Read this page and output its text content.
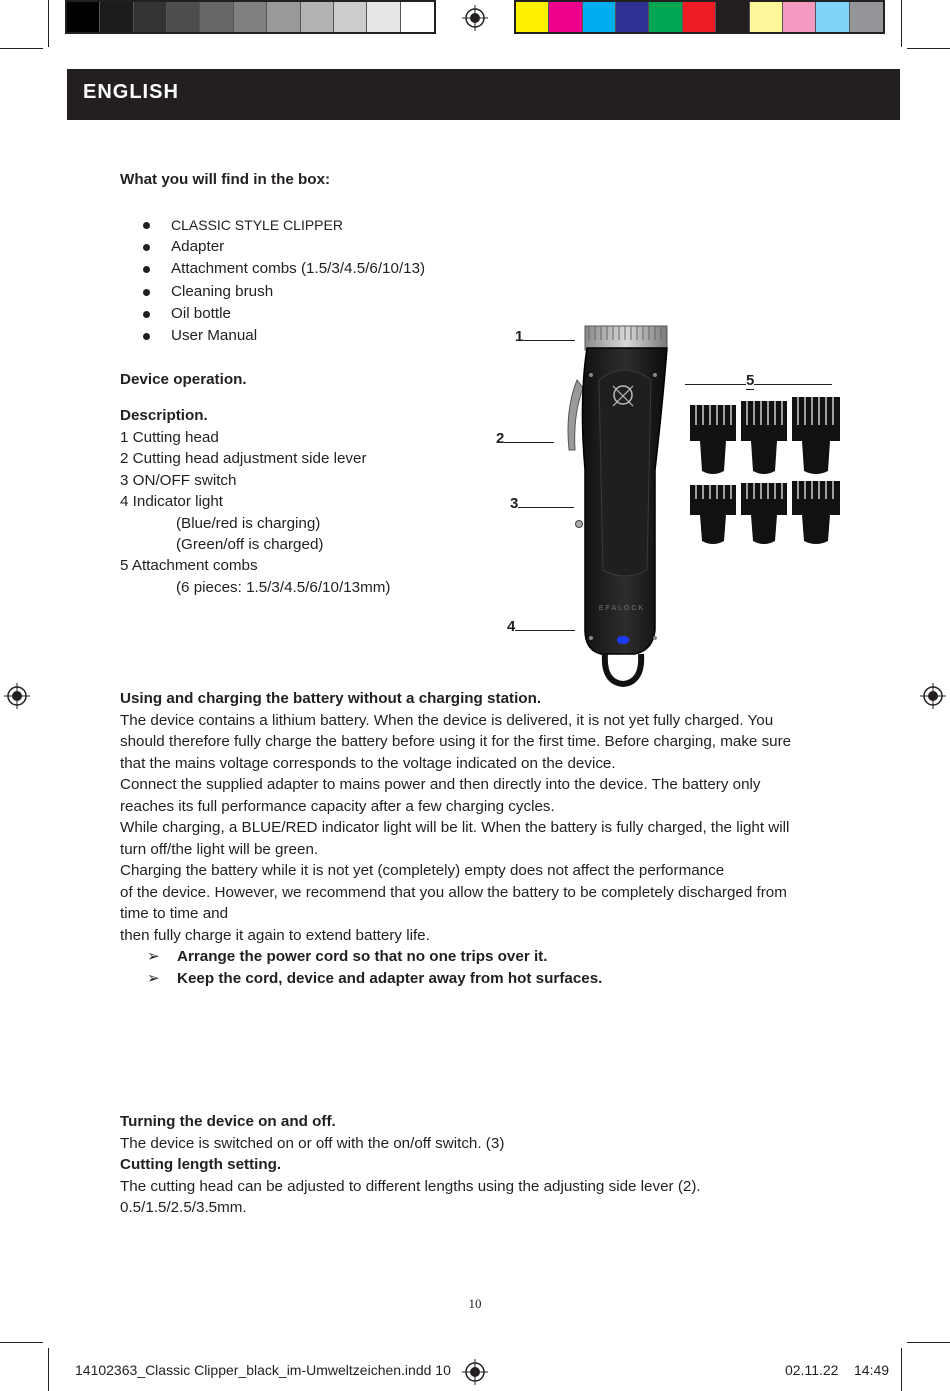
ENGLISH
What you will find in the box:
CLASSIC STYLE CLIPPER
Adapter
Attachment combs (1.5/3/4.5/6/10/13)
Cleaning brush
Oil bottle
User Manual
Device operation.
Description.
1 Cutting head
2 Cutting head adjustment side lever
3 ON/OFF switch
4 Indicator light
(Blue/red is charging)
(Green/off is charged)
5 Attachment combs
(6 pieces: 1.5/3/4.5/6/10/13mm)
EFALOCK
1
2
3
4
5
Using and charging the battery without a charging station.
The device contains a lithium battery. When the device is delivered, it is not yet fully charged. You
should therefore fully charge the battery before using it for the first time. Before charging, make sure
that the mains voltage corresponds to the voltage indicated on the device.
Connect the supplied adapter to mains power and then directly into the device. The battery only
reaches its full performance capacity after a few charging cycles.
While charging, a BLUE/RED indicator light will be lit. When the battery is fully charged, the light will
turn off/the light will be green.
Charging the battery while it is not yet (completely) empty does not affect the performance
of the device. However, we recommend that you allow the battery to be completely discharged from
time to time and
then fully charge it again to extend battery life.
➢ Arrange the power cord so that no one trips over it.
➢ Keep the cord, device and adapter away from hot surfaces.
Turning the device on and off.
The device is switched on or off with the on/off switch. (3)
Cutting length setting.
The cutting head can be adjusted to different lengths using the adjusting side lever (2).
0.5/1.5/2.5/3.5mm.
10
14102363_Classic Clipper_black_im-Umweltzeichen.indd 10	02.11.22 14:49
